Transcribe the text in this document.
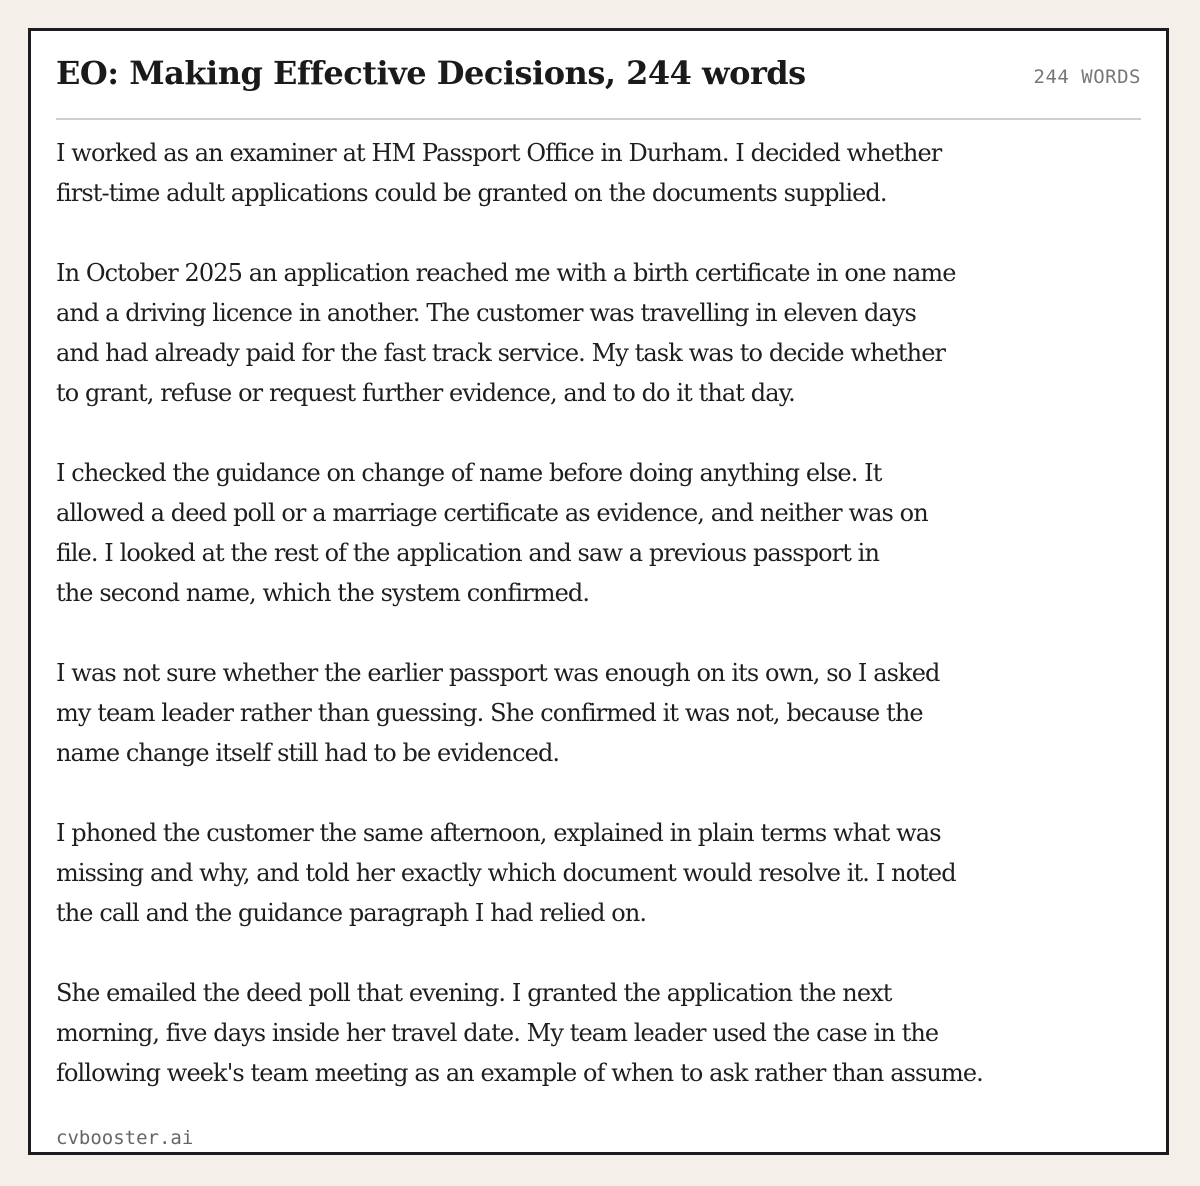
EO: Making Effective Decisions, 244 words	244 WORDS

I worked as an examiner at HM Passport Office in Durham. I decided whether
first-time adult applications could be granted on the documents supplied.

In October 2025 an application reached me with a birth certificate in one name
and a driving licence in another. The customer was travelling in eleven days
and had already paid for the fast track service. My task was to decide whether
to grant, refuse or request further evidence, and to do it that day.

I checked the guidance on change of name before doing anything else. It
allowed a deed poll or a marriage certificate as evidence, and neither was on
file. I looked at the rest of the application and saw a previous passport in
the second name, which the system confirmed.

I was not sure whether the earlier passport was enough on its own, so I asked
my team leader rather than guessing. She confirmed it was not, because the
name change itself still had to be evidenced.

I phoned the customer the same afternoon, explained in plain terms what was
missing and why, and told her exactly which document would resolve it. I noted
the call and the guidance paragraph I had relied on.

She emailed the deed poll that evening. I granted the application the next
morning, five days inside her travel date. My team leader used the case in the
following week's team meeting as an example of when to ask rather than assume.

cvbooster.ai
